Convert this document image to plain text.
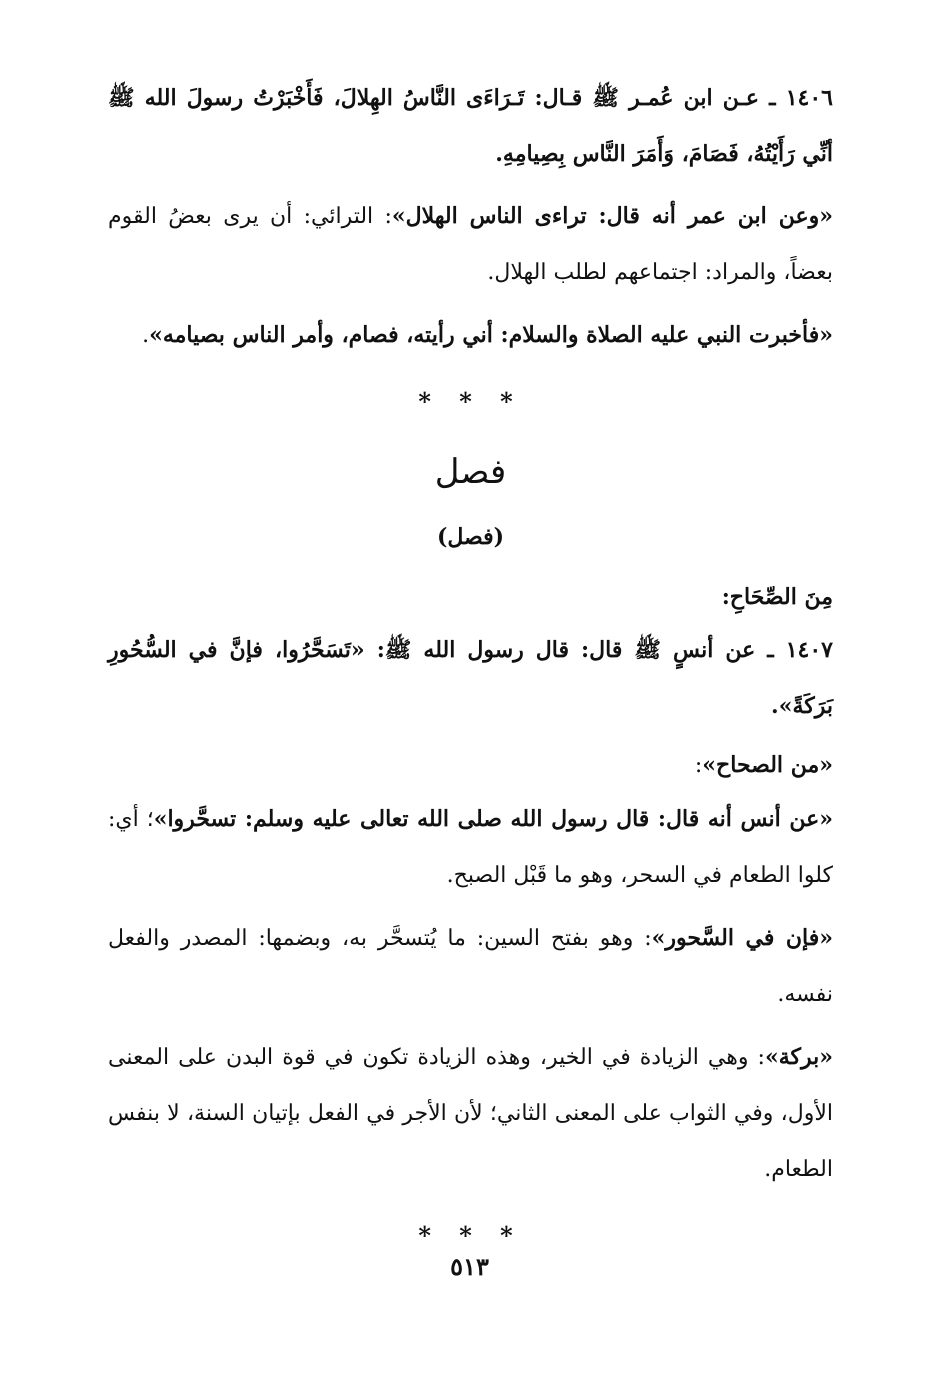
١٤٠٦ ـ عـن ابن عُمـر ﷺ قـال: تَـرَاءَى النَّاسُ الهِلالَ، فَأَخْبَرْتُ رسولَ الله ﷺ أنِّي رَأَيْتُهُ، فَصَامَ، وَأَمَرَ النَّاس بِصِيامِهِ.

«وعن ابن عمر أنه قال: تراءى الناس الهلال»: الترائي: أن يرى بعضُ القوم بعضاً، والمراد: اجتماعهم لطلب الهلال.

«فأخبرت النبي عليه الصلاة والسلام: أني رأيته، فصام، وأمر الناس بصيامه».

* * *
فصل
(فصل)

مِنَ الصِّحَاحِ:

١٤٠٧ ـ عن أنسٍ ﷺ قال: قال رسول الله ﷺ: «تَسَحَّرُوا، فإنَّ في السُّحُورِ بَرَكَةً».

«من الصحاح»:

«عن أنس أنه قال: قال رسول الله صلى الله تعالى عليه وسلم: تسحَّروا»؛ أي: كلوا الطعام في السحر، وهو ما قَبْل الصبح.

«فإن في السَّحور»: وهو بفتح السين: ما يُتسحَّر به، وبضمها: المصدر والفعل نفسه.

«بركة»: وهي الزيادة في الخير، وهذه الزيادة تكون في قوة البدن على المعنى الأول، وفي الثواب على المعنى الثاني؛ لأن الأجر في الفعل بإتيان السنة، لا بنفس الطعام.

* * *
٥١٣
